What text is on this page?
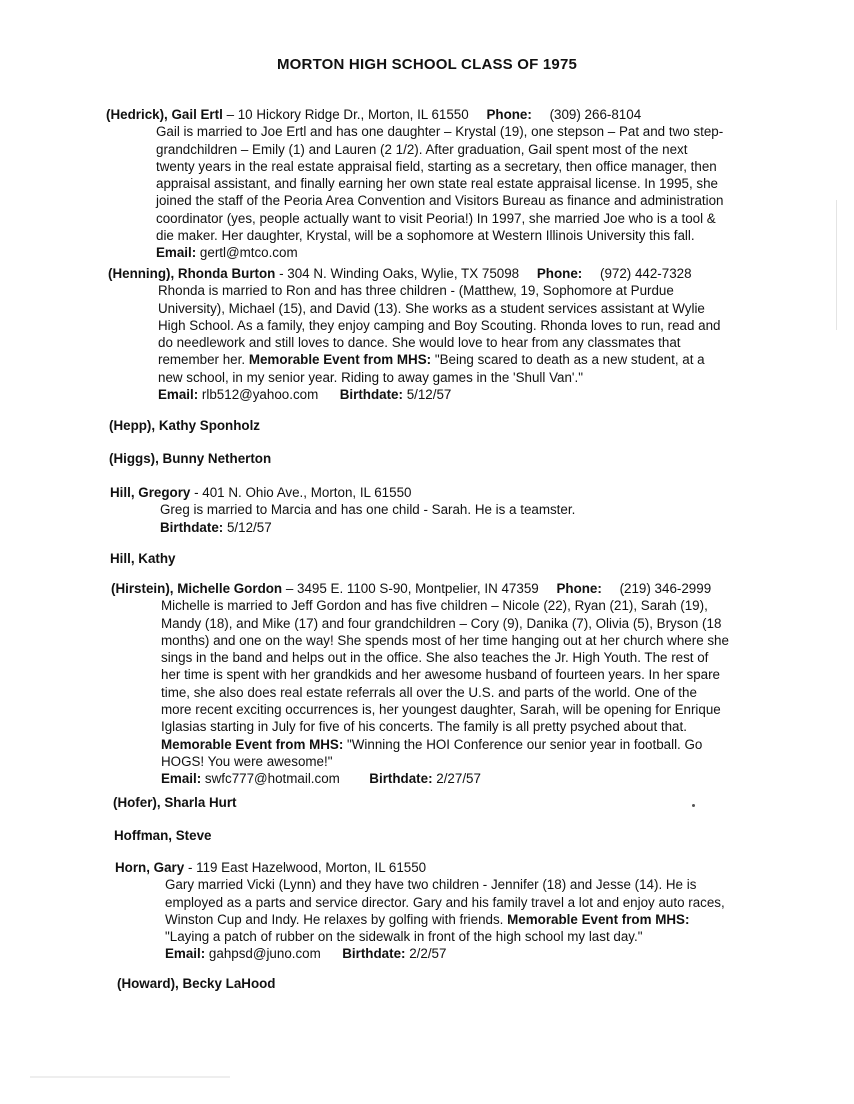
MORTON HIGH SCHOOL CLASS OF 1975
(Hedrick), Gail Ertl – 10 Hickory Ridge Dr., Morton, IL 61550 Phone: (309) 266-8104
Gail is married to Joe Ertl and has one daughter – Krystal (19), one stepson – Pat and two step-
grandchildren – Emily (1) and Lauren (2 1/2). After graduation, Gail spent most of the next
twenty years in the real estate appraisal field, starting as a secretary, then office manager, then
appraisal assistant, and finally earning her own state real estate appraisal license. In 1995, she
joined the staff of the Peoria Area Convention and Visitors Bureau as finance and administration
coordinator (yes, people actually want to visit Peoria!) In 1997, she married Joe who is a tool &
die maker. Her daughter, Krystal, will be a sophomore at Western Illinois University this fall.
Email: gertl@mtco.com
(Henning), Rhonda Burton - 304 N. Winding Oaks, Wylie, TX 75098 Phone: (972) 442-7328
Rhonda is married to Ron and has three children - (Matthew, 19, Sophomore at Purdue
University), Michael (15), and David (13). She works as a student services assistant at Wylie
High School. As a family, they enjoy camping and Boy Scouting. Rhonda loves to run, read and
do needlework and still loves to dance. She would love to hear from any classmates that
remember her. Memorable Event from MHS: "Being scared to death as a new student, at a
new school, in my senior year. Riding to away games in the 'Shull Van'."
Email: rlb512@yahoo.com Birthdate: 5/12/57
(Hepp), Kathy Sponholz
(Higgs), Bunny Netherton
Hill, Gregory - 401 N. Ohio Ave., Morton, IL 61550
Greg is married to Marcia and has one child - Sarah. He is a teamster.
Birthdate: 5/12/57
Hill, Kathy
(Hirstein), Michelle Gordon – 3495 E. 1100 S-90, Montpelier, IN 47359 Phone: (219) 346-2999
Michelle is married to Jeff Gordon and has five children – Nicole (22), Ryan (21), Sarah (19),
Mandy (18), and Mike (17) and four grandchildren – Cory (9), Danika (7), Olivia (5), Bryson (18
months) and one on the way! She spends most of her time hanging out at her church where she
sings in the band and helps out in the office. She also teaches the Jr. High Youth. The rest of
her time is spent with her grandkids and her awesome husband of fourteen years. In her spare
time, she also does real estate referrals all over the U.S. and parts of the world. One of the
more recent exciting occurrences is, her youngest daughter, Sarah, will be opening for Enrique
Iglasias starting in July for five of his concerts. The family is all pretty psyched about that.
Memorable Event from MHS: "Winning the HOI Conference our senior year in football. Go
HOGS! You were awesome!"
Email: swfc777@hotmail.com Birthdate: 2/27/57
(Hofer), Sharla Hurt
Hoffman, Steve
Horn, Gary - 119 East Hazelwood, Morton, IL 61550
Gary married Vicki (Lynn) and they have two children - Jennifer (18) and Jesse (14). He is
employed as a parts and service director. Gary and his family travel a lot and enjoy auto races,
Winston Cup and Indy. He relaxes by golfing with friends. Memorable Event from MHS:
"Laying a patch of rubber on the sidewalk in front of the high school my last day."
Email: gahpsd@juno.com Birthdate: 2/2/57
(Howard), Becky LaHood
